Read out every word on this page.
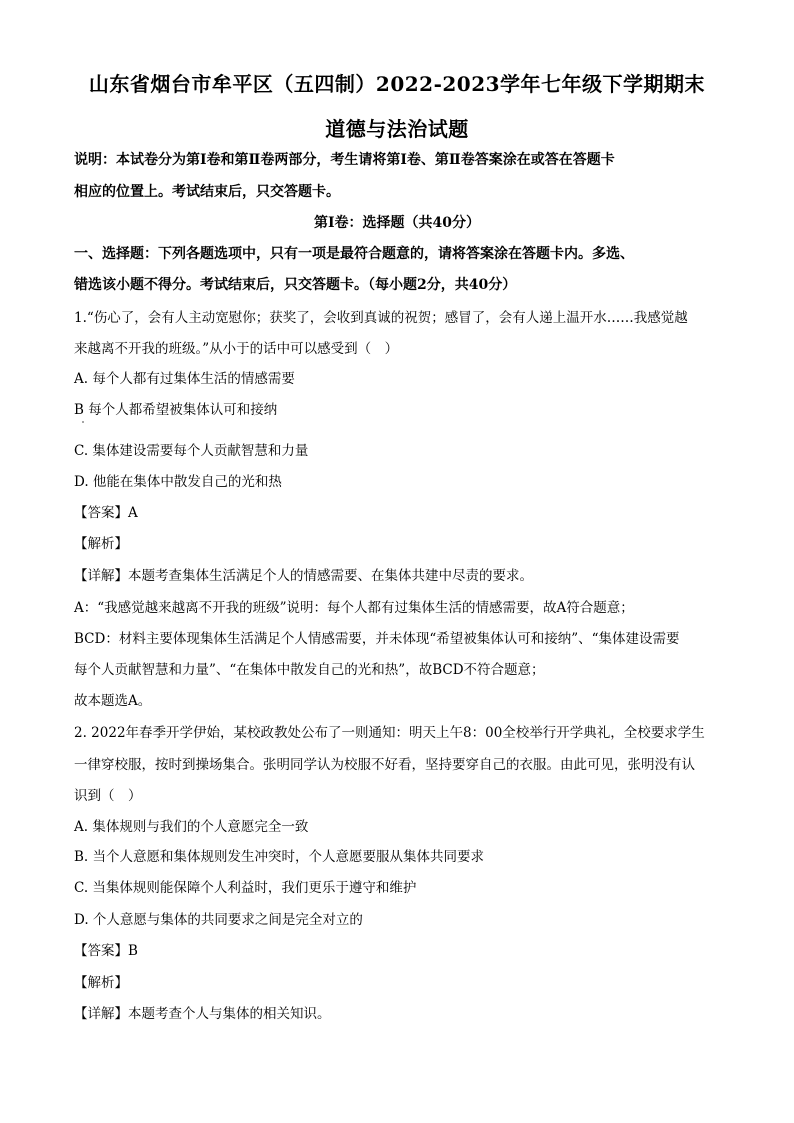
山东省烟台市牟平区（五四制）2022-2023学年七年级下学期期末
道德与法治试题
说明：本试卷分为第Ⅰ卷和第Ⅱ卷两部分，考生请将第Ⅰ卷、第Ⅱ卷答案涂在或答在答题卡
相应的位置上。考试结束后，只交答题卡。
第Ⅰ卷：选择题（共40分）
一、选择题：下列各题选项中，只有一项是最符合题意的，请将答案涂在答题卡内。多选、
错选该小题不得分。考试结束后，只交答题卡。（每小题2分，共40分）
1.“伤心了，会有人主动宽慰你；获奖了，会收到真诚的祝贺；感冒了，会有人递上温开水……我感觉越
来越离不开我的班级。”从小于的话中可以感受到（　）
A. 每个人都有过集体生活的情感需要
B 每个人都希望被集体认可和接纳
C. 集体建设需要每个人贡献智慧和力量
D. 他能在集体中散发自己的光和热
【答案】A
【解析】
【详解】本题考查集体生活满足个人的情感需要、在集体共建中尽责的要求。
A：“我感觉越来越离不开我的班级”说明：每个人都有过集体生活的情感需要，故A符合题意；
BCD：材料主要体现集体生活满足个人情感需要，并未体现“希望被集体认可和接纳”、“集体建设需要
每个人贡献智慧和力量”、“在集体中散发自己的光和热”，故BCD不符合题意；
故本题选A。
2. 2022年春季开学伊始，某校政教处公布了一则通知：明天上午8：00全校举行开学典礼，全校要求学生
一律穿校服，按时到操场集合。张明同学认为校服不好看，坚持要穿自己的衣服。由此可见，张明没有认
识到（　）
A. 集体规则与我们的个人意愿完全一致
B. 当个人意愿和集体规则发生冲突时，个人意愿要服从集体共同要求
C. 当集体规则能保障个人利益时，我们更乐于遵守和维护
D. 个人意愿与集体的共同要求之间是完全对立的
【答案】B
【解析】
【详解】本题考查个人与集体的相关知识。
